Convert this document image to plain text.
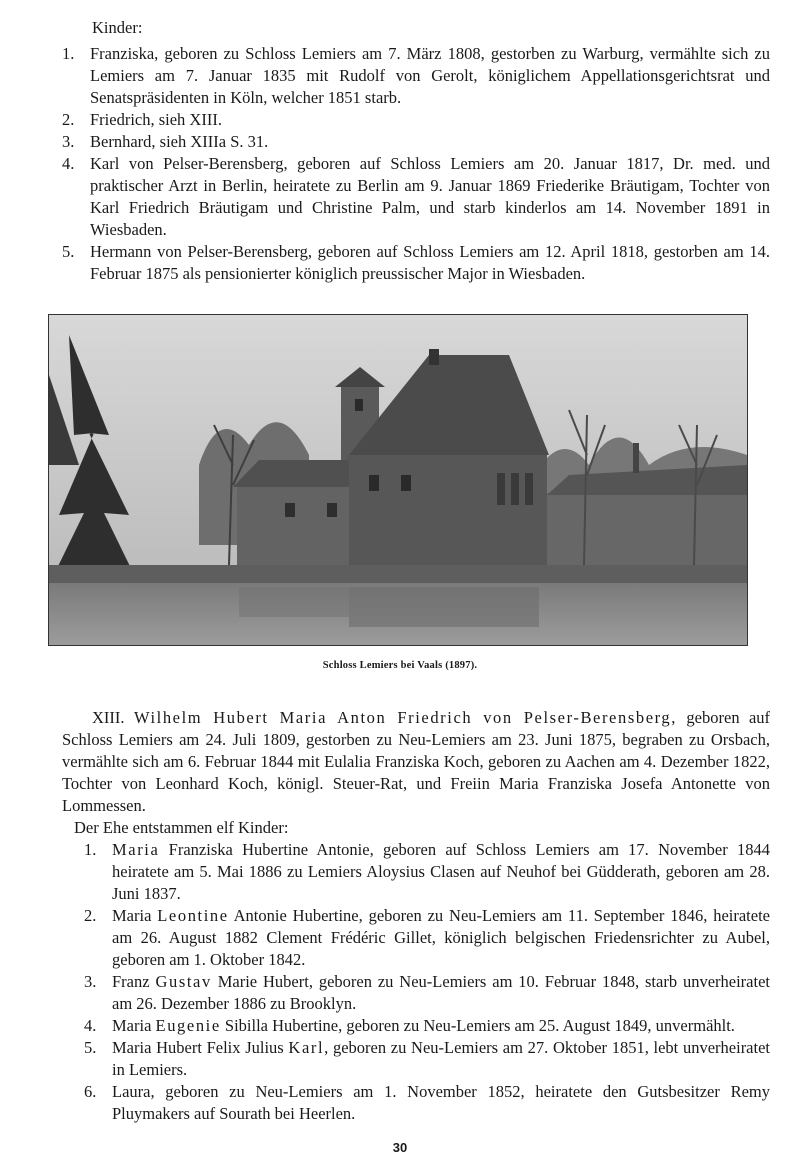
Kinder:
1. Franziska, geboren zu Schloss Lemiers am 7. März 1808, gestorben zu Warburg, vermählte sich zu Lemiers am 7. Januar 1835 mit Rudolf von Gerolt, königlichem Appellationsgerichtsrat und Senatspräsidenten in Köln, welcher 1851 starb.
2. Friedrich, sieh XIII.
3. Bernhard, sieh XIIIa S. 31.
4. Karl von Pelser-Berensberg, geboren auf Schloss Lemiers am 20. Januar 1817, Dr. med. und praktischer Arzt in Berlin, heiratete zu Berlin am 9. Januar 1869 Friederike Bräutigam, Tochter von Karl Friedrich Bräutigam und Christine Palm, und starb kinderlos am 14. November 1891 in Wiesbaden.
5. Hermann von Pelser-Berensberg, geboren auf Schloss Lemiers am 12. April 1818, gestorben am 14. Februar 1875 als pensionierter königlich preussischer Major in Wiesbaden.
Schloss Lemiers bei Vaals (1897).
XIII. Wilhelm Hubert Maria Anton Friedrich von Pelser-Berensberg, geboren auf Schloss Lemiers am 24. Juli 1809, gestorben zu Neu-Lemiers am 23. Juni 1875, begraben zu Orsbach, vermählte sich am 6. Februar 1844 mit Eulalia Franziska Koch, geboren zu Aachen am 4. Dezember 1822, Tochter von Leonhard Koch, königl. Steuer-Rat, und Freiin Maria Franziska Josefa Antonette von Lommessen.
Der Ehe entstammen elf Kinder:
1. Maria Franziska Hubertine Antonie, geboren auf Schloss Lemiers am 17. November 1844 heiratete am 5. Mai 1886 zu Lemiers Aloysius Clasen auf Neuhof bei Güdderath, geboren am 28. Juni 1837.
2. Maria Leontine Antonie Hubertine, geboren zu Neu-Lemiers am 11. September 1846, heiratete am 26. August 1882 Clement Frédéric Gillet, königlich belgischen Friedensrichter zu Aubel, geboren am 1. Oktober 1842.
3. Franz Gustav Marie Hubert, geboren zu Neu-Lemiers am 10. Februar 1848, starb unverheiratet am 26. Dezember 1886 zu Brooklyn.
4. Maria Eugenie Sibilla Hubertine, geboren zu Neu-Lemiers am 25. August 1849, unvermählt.
5. Maria Hubert Felix Julius Karl, geboren zu Neu-Lemiers am 27. Oktober 1851, lebt unverheiratet in Lemiers.
6. Laura, geboren zu Neu-Lemiers am 1. November 1852, heiratete den Gutsbesitzer Remy Pluymakers auf Sourath bei Heerlen.
30
